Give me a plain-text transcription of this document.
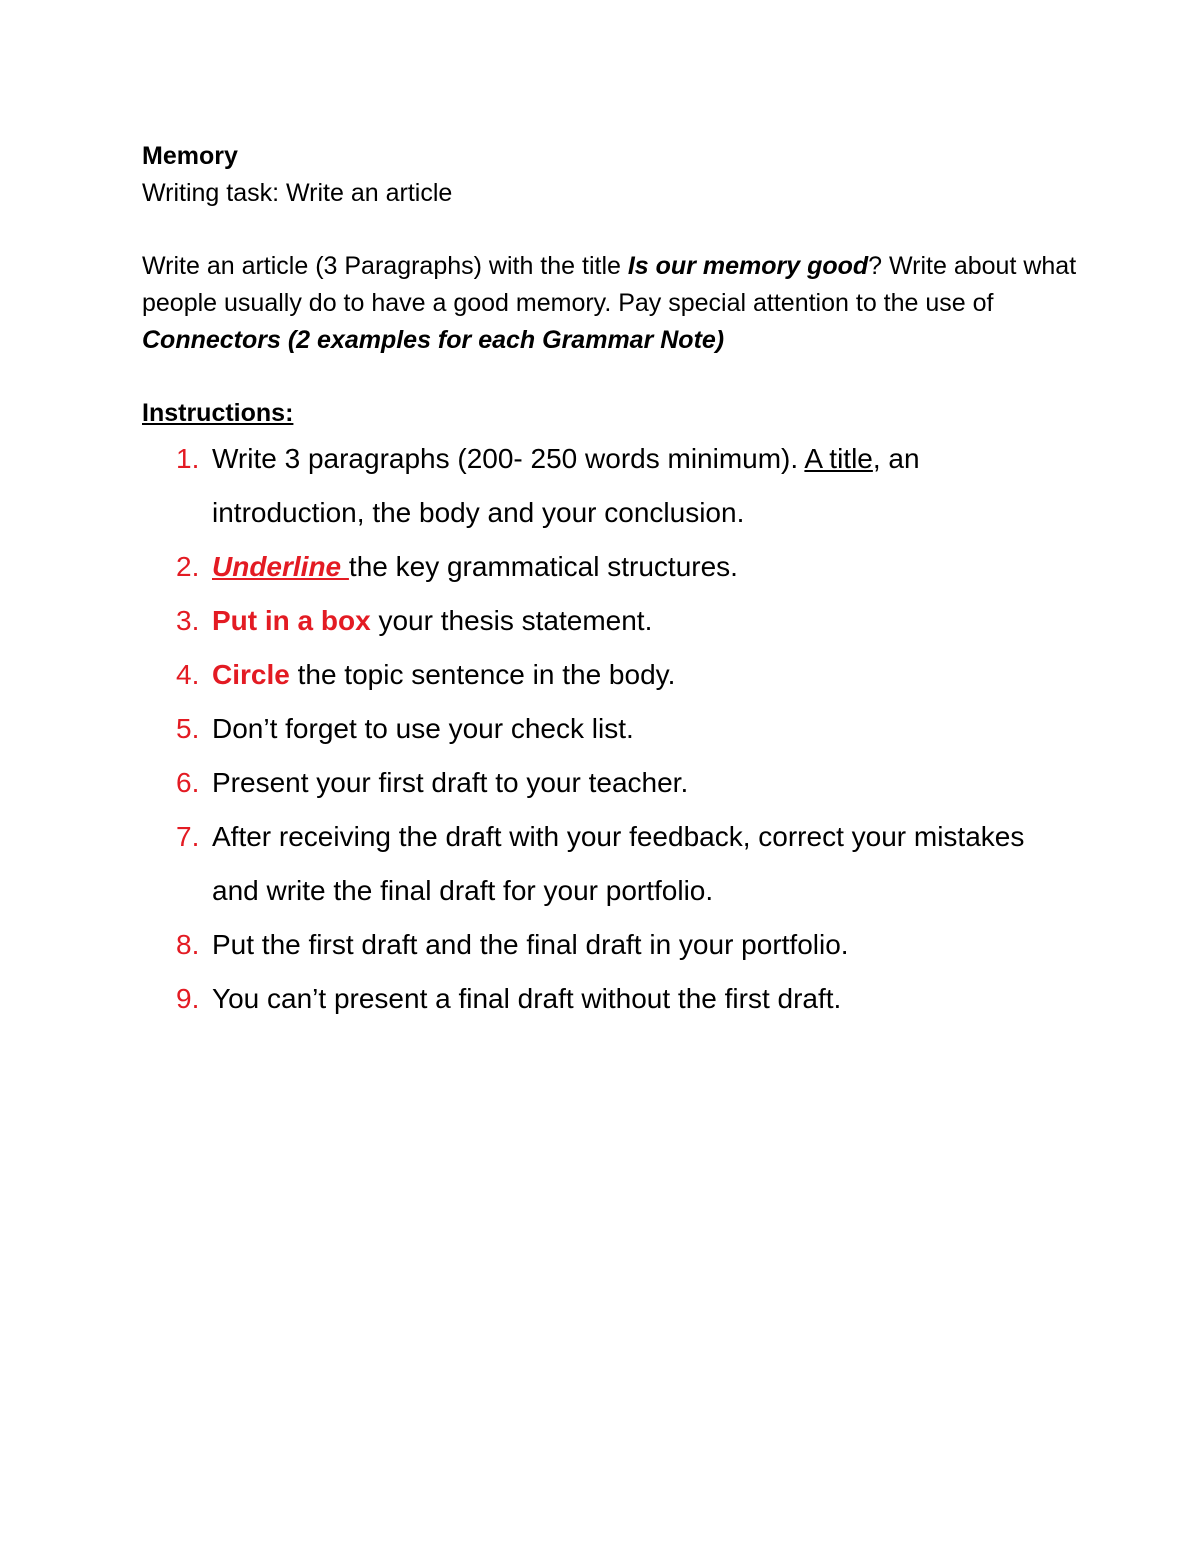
Memory

Writing task: Write an article

Write an article (3 Paragraphs) with the title Is our memory good? Write about what people usually do to have a good memory. Pay special attention to the use of Connectors (2 examples for each Grammar Note)

Instructions:

1. Write 3 paragraphs (200- 250 words minimum). A title, an introduction, the body and your conclusion.
2. Underline the key grammatical structures.
3. Put in a box your thesis statement.
4. Circle the topic sentence in the body.
5. Don’t forget to use your check list.
6. Present your first draft to your teacher.
7. After receiving the draft with your feedback, correct your mistakes and write the final draft for your portfolio.
8. Put the first draft and the final draft in your portfolio.
9. You can’t present a final draft without the first draft.
